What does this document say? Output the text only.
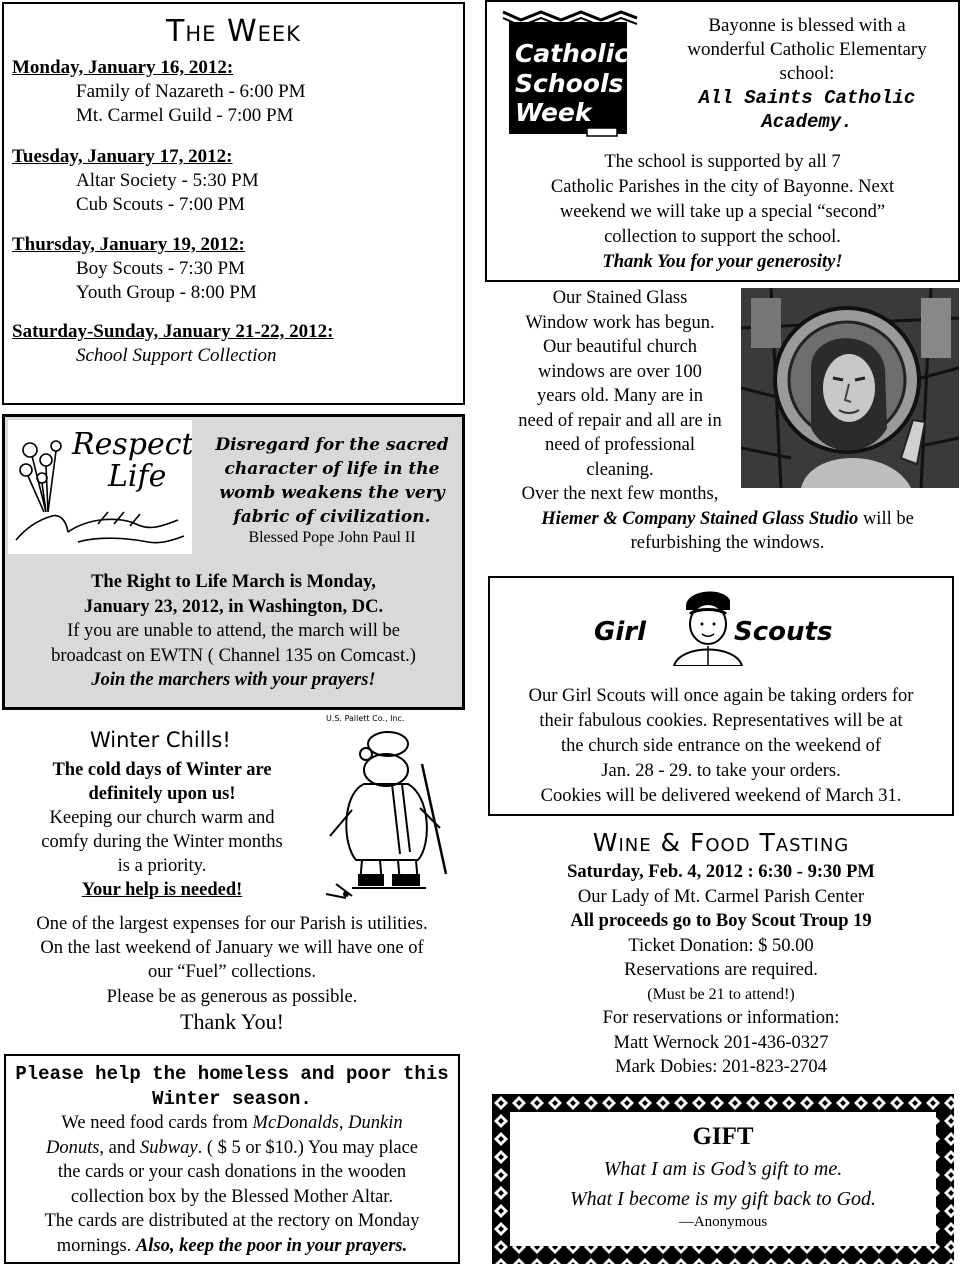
The Week
Monday, January 16, 2012:
Family of Nazareth - 6:00 PM
Mt. Carmel Guild - 7:00 PM
Tuesday, January 17, 2012:
Altar Society - 5:30 PM
Cub Scouts - 7:00 PM
Thursday, January 19, 2012:
Boy Scouts - 7:30 PM
Youth Group - 8:00 PM
Saturday-Sunday, January 21-22, 2012:
School Support Collection
Respect
Life
Disregard for the sacred character of life in the womb weakens the very fabric of civilization.
Blessed Pope John Paul II
The Right to Life March is Monday,
January 23, 2012, in Washington, DC.
If you are unable to attend, the march will be
broadcast on EWTN ( Channel 135 on Comcast.)
Join the marchers with your prayers!
Winter Chills!
U.S. Pallett Co., Inc.
The cold days of Winter are
definitely upon us!
Keeping our church warm and
comfy during the Winter months
is a priority.
Your help is needed!
One of the largest expenses for our Parish is utilities.
On the last weekend of January we will have one of
our “Fuel” collections.
Please be as generous as possible.
Thank You!
Please help the homeless and poor this
Winter season.
We need food cards from McDonalds, Dunkin
Donuts, and Subway. ( $ 5 or $10.) You may place
the cards or your cash donations in the wooden
collection box by the Blessed Mother Altar.
The cards are distributed at the rectory on Monday
mornings. Also, keep the poor in your prayers.
Catholic
Schools
Week
Bayonne is blessed with a
wonderful Catholic Elementary
school:
All Saints Catholic
Academy.
The school is supported by all 7
Catholic Parishes in the city of Bayonne. Next
weekend we will take up a special “second”
collection to support the school.
Thank You for your generosity!
Our Stained Glass
Window work has begun.
Our beautiful church
windows are over 100
years old. Many are in
need of repair and all are in
need of professional
cleaning.
Over the next few months,
Hiemer & Company Stained Glass Studio will be
refurbishing the windows.
Girl	Scouts
Our Girl Scouts will once again be taking orders for
their fabulous cookies. Representatives will be at
the church side entrance on the weekend of
Jan. 28 - 29. to take your orders.
Cookies will be delivered weekend of March 31.
Wine & Food Tasting
Saturday, Feb. 4, 2012 : 6:30 - 9:30 PM
Our Lady of Mt. Carmel Parish Center
All proceeds go to Boy Scout Troup 19
Ticket Donation: $ 50.00
Reservations are required.
(Must be 21 to attend!)
For reservations or information:
Matt Wernock 201-436-0327
Mark Dobies: 201-823-2704
GIFT
What I am is God’s gift to me.
What I become is my gift back to God.
—Anonymous
